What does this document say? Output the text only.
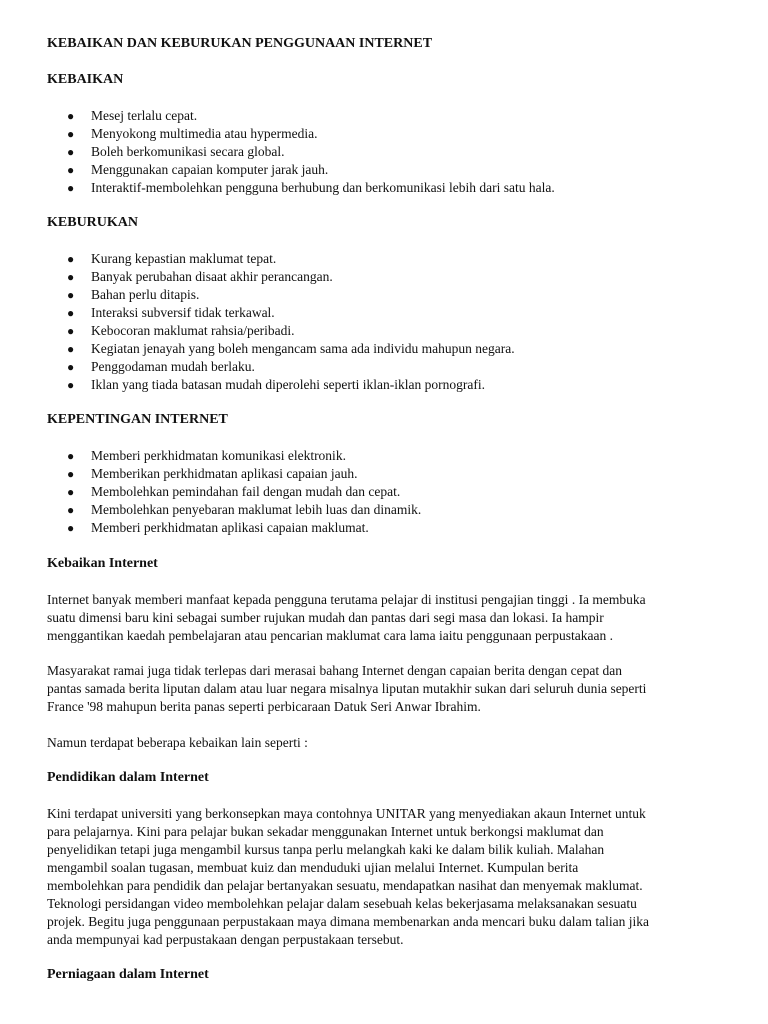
KEBAIKAN DAN KEBURUKAN PENGGUNAAN INTERNET

KEBAIKAN

● Mesej terlalu cepat.
● Menyokong multimedia atau hypermedia.
● Boleh berkomunikasi secara global.
● Menggunakan capaian komputer jarak jauh.
● Interaktif-membolehkan pengguna berhubung dan berkomunikasi lebih dari satu hala.

KEBURUKAN

● Kurang kepastian maklumat tepat.
● Banyak perubahan disaat akhir perancangan.
● Bahan perlu ditapis.
● Interaksi subversif tidak terkawal.
● Kebocoran maklumat rahsia/peribadi.
● Kegiatan jenayah yang boleh mengancam sama ada individu mahupun negara.
● Penggodaman mudah berlaku.
● Iklan yang tiada batasan mudah diperolehi seperti iklan-iklan pornografi.

KEPENTINGAN INTERNET

● Memberi perkhidmatan komunikasi elektronik.
● Memberikan perkhidmatan aplikasi capaian jauh.
● Membolehkan pemindahan fail dengan mudah dan cepat.
● Membolehkan penyebaran maklumat lebih luas dan dinamik.
● Memberi perkhidmatan aplikasi capaian maklumat.

Kebaikan Internet

Internet banyak memberi manfaat kepada pengguna terutama pelajar di institusi pengajian tinggi . Ia membuka
suatu dimensi baru kini sebagai sumber rujukan mudah dan pantas dari segi masa dan lokasi. Ia hampir
menggantikan kaedah pembelajaran atau pencarian maklumat cara lama iaitu penggunaan perpustakaan .

Masyarakat ramai juga tidak terlepas dari merasai bahang Internet dengan capaian berita dengan cepat dan
pantas samada berita liputan dalam atau luar negara misalnya liputan mutakhir sukan dari seluruh dunia seperti
France '98 mahupun berita panas seperti perbicaraan Datuk Seri Anwar Ibrahim.

Namun terdapat beberapa kebaikan lain seperti :

Pendidikan dalam Internet

Kini terdapat universiti yang berkonsepkan maya contohnya UNITAR yang menyediakan akaun Internet untuk
para pelajarnya. Kini para pelajar bukan sekadar menggunakan Internet untuk berkongsi maklumat dan
penyelidikan tetapi juga mengambil kursus tanpa perlu melangkah kaki ke dalam bilik kuliah. Malahan
mengambil soalan tugasan, membuat kuiz dan menduduki ujian melalui Internet. Kumpulan berita
membolehkan para pendidik dan pelajar bertanyakan sesuatu, mendapatkan nasihat dan menyemak maklumat.
Teknologi persidangan video membolehkan pelajar dalam sesebuah kelas bekerjasama melaksanakan sesuatu
projek. Begitu juga penggunaan perpustakaan maya dimana membenarkan anda mencari buku dalam talian jika
anda mempunyai kad perpustakaan dengan perpustakaan tersebut.

Perniagaan dalam Internet
